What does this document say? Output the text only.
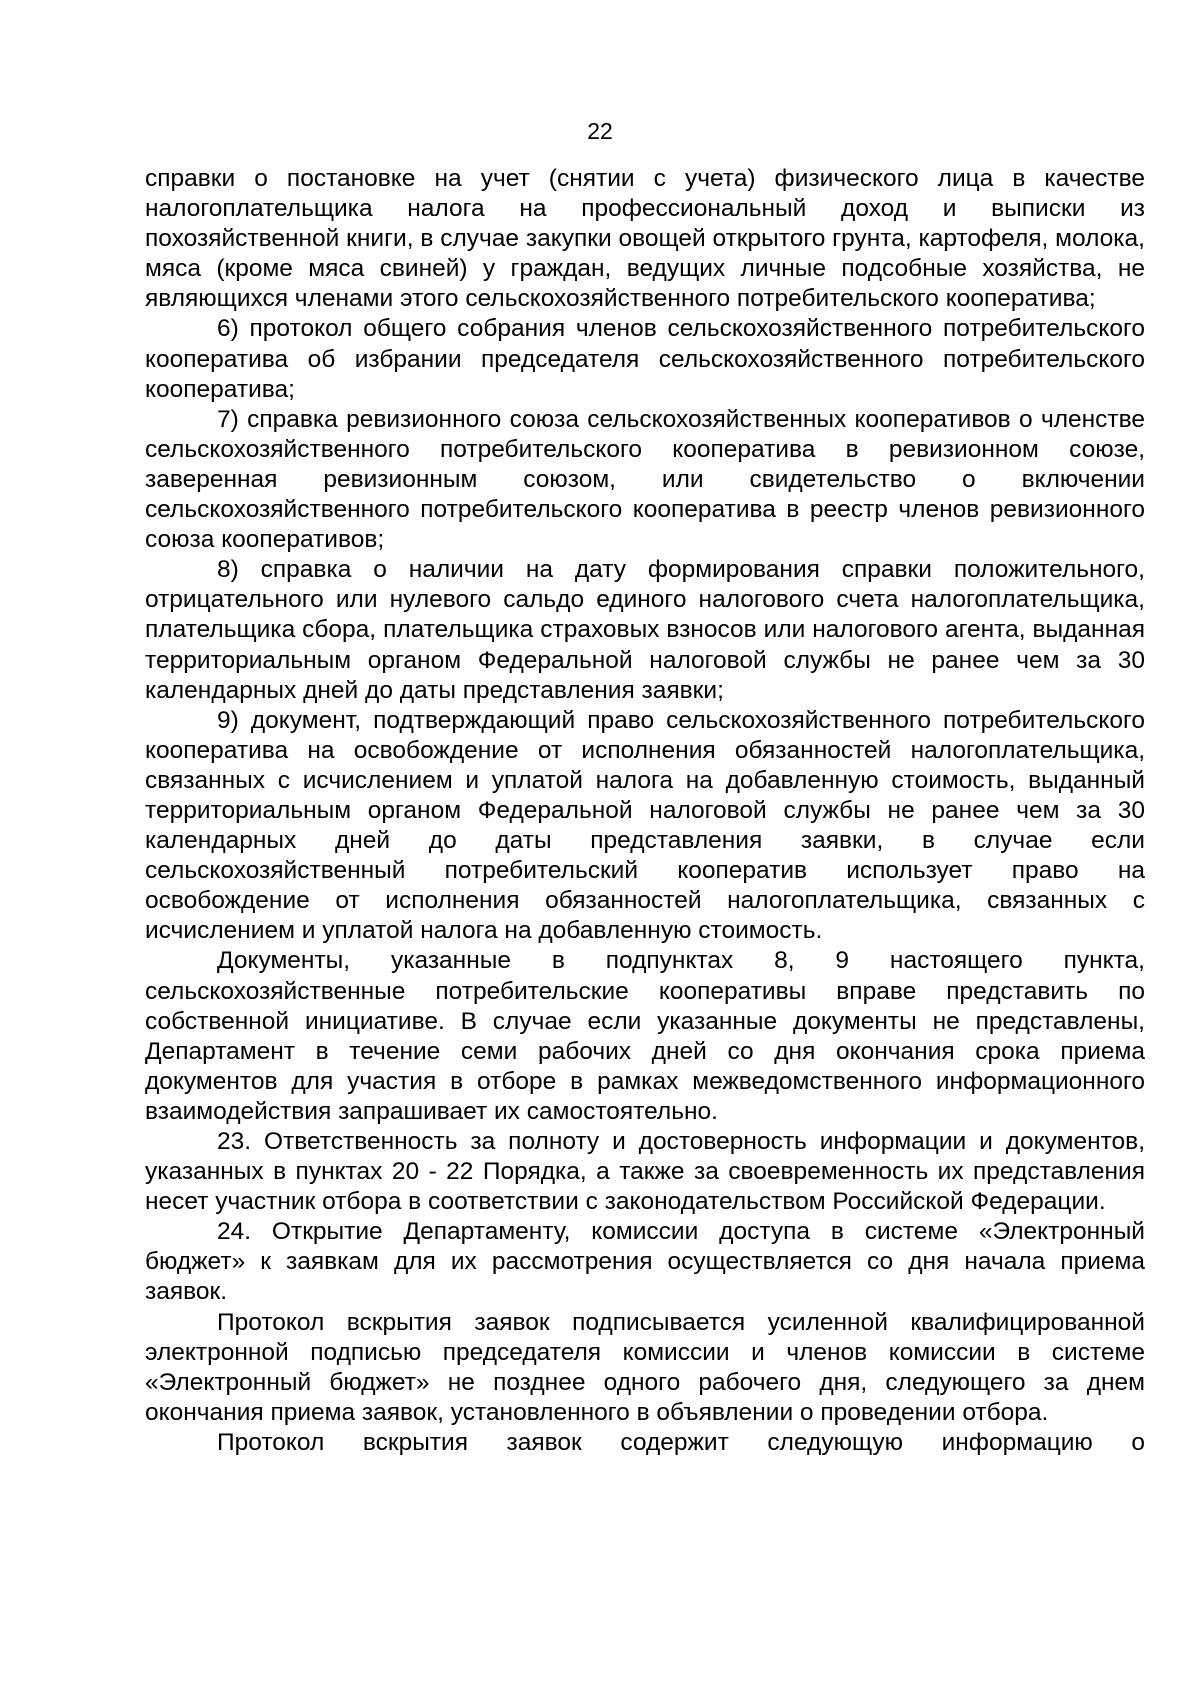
22

справки о постановке на учет (снятии с учета) физического лица в качестве налогоплательщика налога на профессиональный доход и выписки из похозяйственной книги, в случае закупки овощей открытого грунта, картофеля, молока, мяса (кроме мяса свиней) у граждан, ведущих личные подсобные хозяйства, не являющихся членами этого сельскохозяйственного потребительского кооператива;

6) протокол общего собрания членов сельскохозяйственного потребительского кооператива об избрании председателя сельскохозяйственного потребительского кооператива;

7) справка ревизионного союза сельскохозяйственных кооперативов о членстве сельскохозяйственного потребительского кооператива в ревизионном союзе, заверенная ревизионным союзом, или свидетельство о включении сельскохозяйственного потребительского кооператива в реестр членов ревизионного союза кооперативов;

8) справка о наличии на дату формирования справки положительного, отрицательного или нулевого сальдо единого налогового счета налогоплательщика, плательщика сбора, плательщика страховых взносов или налогового агента, выданная территориальным органом Федеральной налоговой службы не ранее чем за 30 календарных дней до даты представления заявки;

9) документ, подтверждающий право сельскохозяйственного потребительского кооператива на освобождение от исполнения обязанностей налогоплательщика, связанных с исчислением и уплатой налога на добавленную стоимость, выданный территориальным органом Федеральной налоговой службы не ранее чем за 30 календарных дней до даты представления заявки, в случае если сельскохозяйственный потребительский кооператив использует право на освобождение от исполнения обязанностей налогоплательщика, связанных с исчислением и уплатой налога на добавленную стоимость.

Документы, указанные в подпунктах 8, 9 настоящего пункта, сельскохозяйственные потребительские кооперативы вправе представить по собственной инициативе. В случае если указанные документы не представлены, Департамент в течение семи рабочих дней со дня окончания срока приема документов для участия в отборе в рамках межведомственного информационного взаимодействия запрашивает их самостоятельно.

23. Ответственность за полноту и достоверность информации и документов, указанных в пунктах 20 - 22 Порядка, а также за своевременность их представления несет участник отбора в соответствии с законодательством Российской Федерации.

24. Открытие Департаменту, комиссии доступа в системе «Электронный бюджет» к заявкам для их рассмотрения осуществляется со дня начала приема заявок.

Протокол вскрытия заявок подписывается усиленной квалифицированной электронной подписью председателя комиссии и членов комиссии в системе «Электронный бюджет» не позднее одного рабочего дня, следующего за днем окончания приема заявок, установленного в объявлении о проведении отбора.

Протокол вскрытия заявок содержит следующую информацию о
